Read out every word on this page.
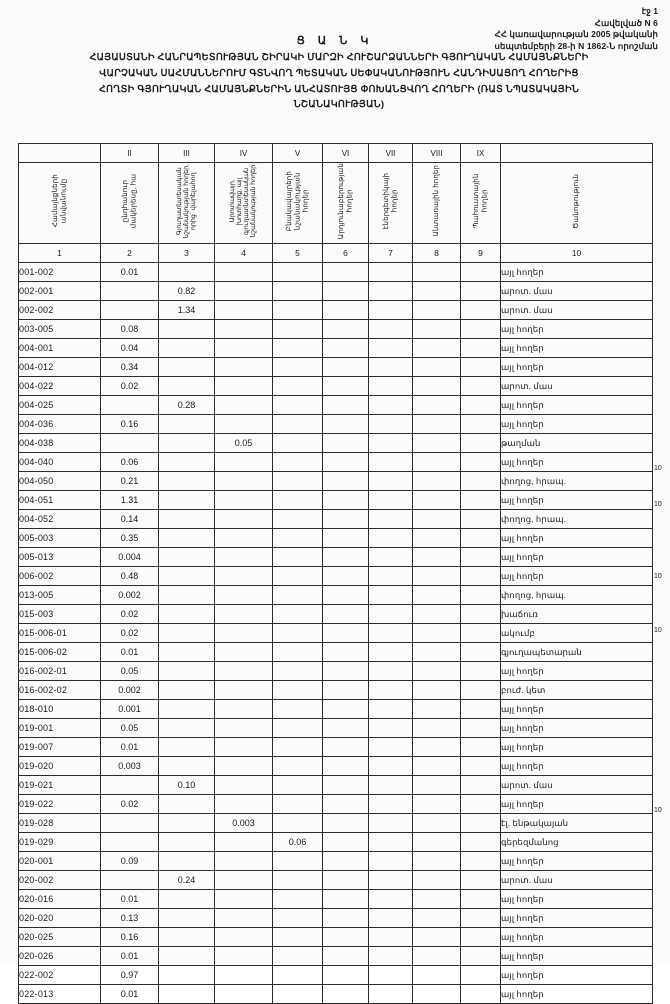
էջ 1
Հավելված N 6
ՀՀ կառավարության 2005 թվականի
սեպտեմբերի 28-ի N 1862-Ն որոշման
Ց Ա Ն Կ
ՀԱՅԱՍՏԱՆԻ ՀԱՆՐԱՊԵՏՈՒԹՅԱՆ ՇԻՐԱԿԻ ՄԱՐԶԻ ՀՈՒՇԱՐՁԱՆՆԵՐԻ ԳՅՈՒՂԱԿԱՆ ՀԱՄԱՅՆՔՆԵՐԻ
ՎԱՐՉԱԿԱՆ ՍԱՀՄԱՆՆԵՐՈՒՄ ԳՏՆՎՈՂ ՊԵՏԱԿԱՆ ՍԵՓԱԿԱՆՈՒԹՅՈՒՆ ՀԱՆԴԻՍԱՑՈՂ ՀՈՂԵՐԻՑ
ՀՈՂՏԻ ԳՅՈՒՂԱԿԱՆ ՀԱՄԱՅՆՔՆԵՐԻՆ ԱՆՀԱՏՈՒՅՑ ՓՈԽԱՆՑՎՈՂ ՀՈՂԵՐԻ (ՌԱՏ ՆՊԱՏԱԿԱՅԻՆ
ՆՇԱՆԱԿՈՒԹՅԱՆ)
	II	III	IV	V	VI	VII	VIII	IX	

Համայնքների անվանումը	ընդհանուր մակերեսը, հա	Գյուղատնտեսական նշանակության հողեր, որից` վարելահող	Արոտավայր, խոտհարք, այլ գյուղատնտեսական նշանակության հողեր	Բնակավայրերի նշանակության հողեր	Արդյունաբերության հողեր	էներգետիկայի հողեր	Անտառային հողեր	Պահուստային հողեր	Ծանոթություն

1	2	3	4	5	6	7	8	9	10
001-002	0.01								այլ հողեր
002-001		0.82							արոտ. մաս
002-002		1.34							արոտ. մաս
003-005	0.08								այլ հողեր
004-001	0.04								այլ հողեր
004-012	0.34								այլ հողեր
004-022	0.02								արոտ. մաս
004-025		0.28							այլ հողեր
004-036	0.16								այլ հողեր
004-038			0.05						թաղման
004-040	0.06								այլ հողեր
004-050	0.21								փողոց, հրապ.
004-051	1.31								այլ հողեր
004-052	0.14								փողոց, հրապ.
005-003	0.35								այլ հողեր
005-013	0.004								այլ հողեր
006-002	0.48								այլ հողեր
013-005	0.002								փողոց, հրապ.
015-003	0.02								խաճուռ
015-006-01	0.02								ակումբ
015-006-02	0.01								գյուղապետարան
016-002-01	0.05								այլ հողեր
016-002-02	0.002								բուժ. կետ
018-010	0.001								այլ հողեր
019-001	0.05								այլ հողեր
019-007	0.01								այլ հողեր
019-020	0.003								այլ հողեր
019-021		0.10							արոտ. մաս
019-022	0.02								այլ հողեր
019-028			0.003						էլ. ենթակայան
019-029				0.06					գերեզմանոց
020-001	0.09								այլ հողեր
020-002		0.24							արոտ. մաս
020-016	0.01								այլ հողեր
020-020	0.13								այլ հողեր
020-025	0.16								այլ հողեր
020-026	0.01								այլ հողեր
022-002	0.97								այլ հողեր
022-013	0.01								այլ հողեր
10
10
10
10
10
